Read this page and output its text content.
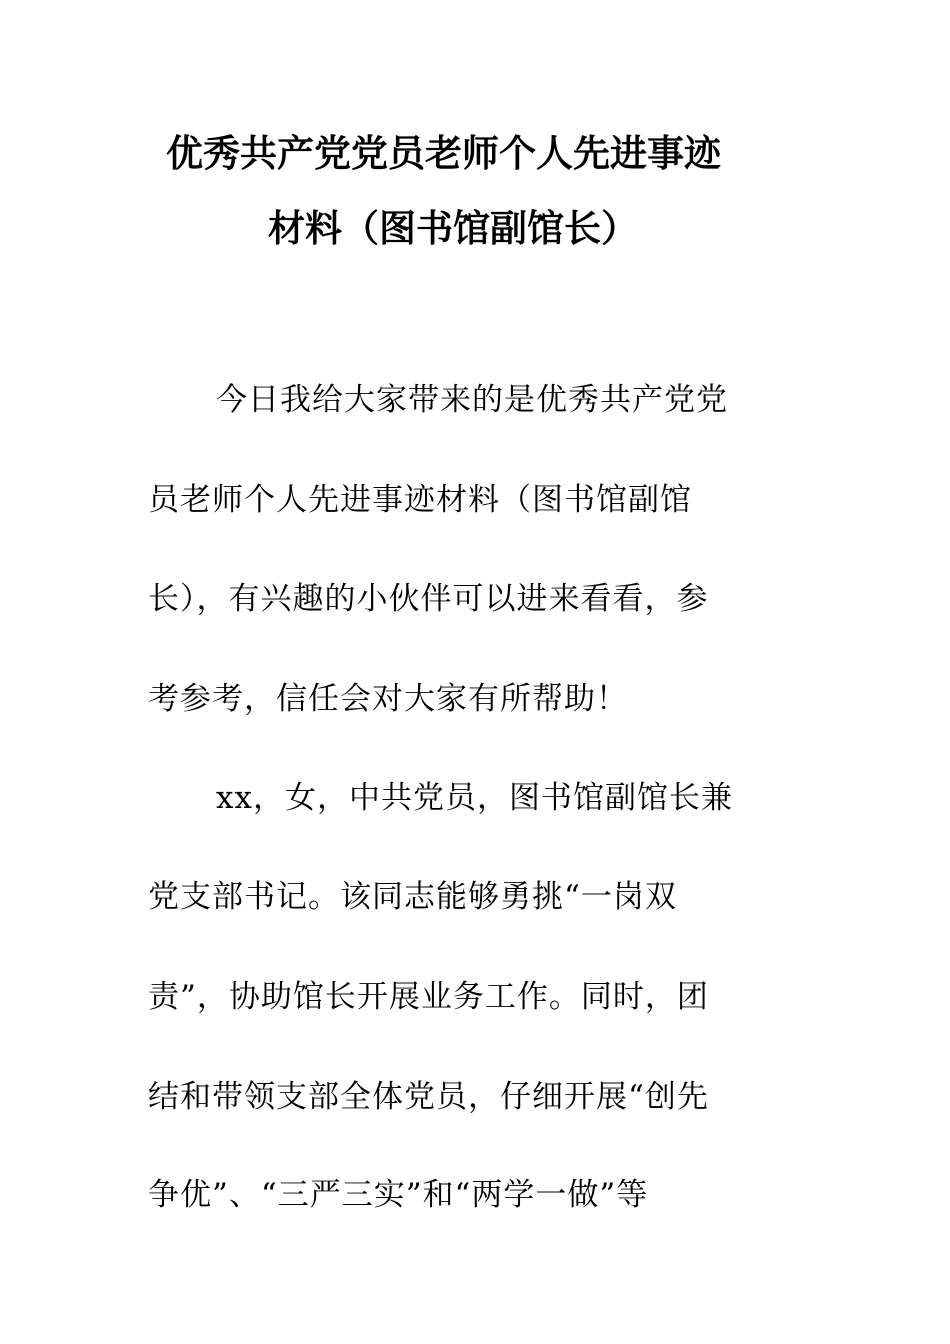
优秀共产党党员老师个人先进事迹
材料（图书馆副馆长）
今日我给大家带来的是优秀共产党党
员老师个人先进事迹材料（图书馆副馆
长），有兴趣的小伙伴可以进来看看，参
考参考，信任会对大家有所帮助！
xx，女，中共党员，图书馆副馆长兼
党支部书记。该同志能够勇挑“一岗双
责”，协助馆长开展业务工作。同时，团
结和带领支部全体党员，仔细开展“创先
争优”、“三严三实”和“两学一做”等
